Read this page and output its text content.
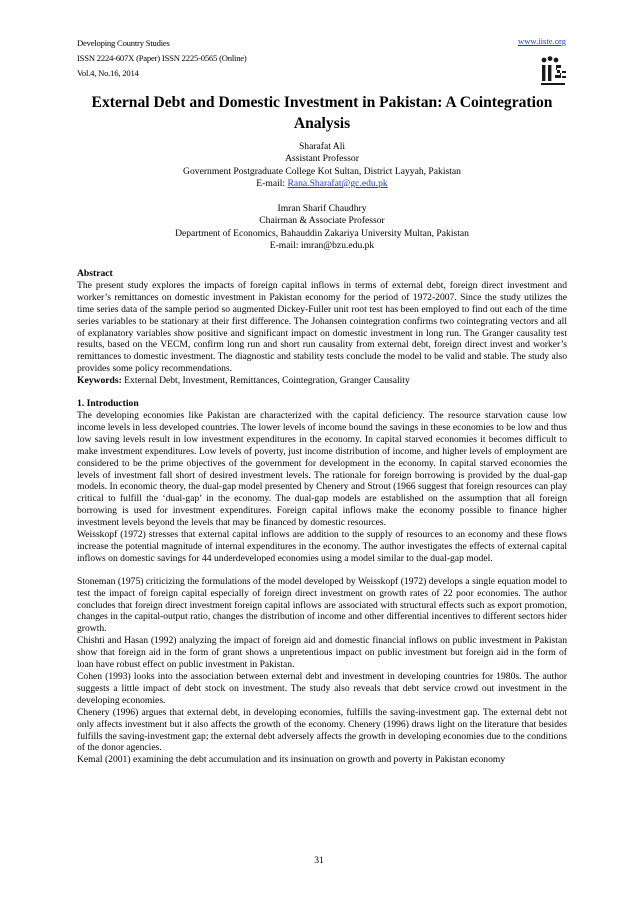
Developing Country Studies
ISSN 2224-607X (Paper) ISSN 2225-0565 (Online)
Vol.4, No.16, 2014
www.iiste.org
External Debt and Domestic Investment in Pakistan: A Cointegration Analysis
Sharafat Ali
Assistant Professor
Government Postgraduate College Kot Sultan, District Layyah, Pakistan
E-mail: Rana.Sharafat@gc.edu.pk
Imran Sharif Chaudhry
Chairman & Associate Professor
Department of Economics, Bahauddin Zakariya University Multan, Pakistan
E-mail: imran@bzu.edu.pk

Abstract

The present study explores the impacts of foreign capital inflows in terms of external debt, foreign direct investment and worker’s remittances on domestic investment in Pakistan economy for the period of 1972-2007. Since the study utilizes the time series data of the sample period so augmented Dickey-Fuller unit root test has been employed to find out each of the time series variables to be stationary at their first difference. The Johansen cointegration confirms two cointegrating vectors and all of explanatory variables show positive and significant impact on domestic investment in long run. The Granger causality test results, based on the VECM, confirm long run and short run causality from external debt, foreign direct invest and worker’s remittances to domestic investment. The diagnostic and stability tests conclude the model to be valid and stable. The study also provides some policy recommendations.

Keywords: External Debt, Investment, Remittances, Cointegration, Granger Causality

1. Introduction

The developing economies like Pakistan are characterized with the capital deficiency. The resource starvation cause low income levels in less developed countries. The lower levels of income bound the savings in these economies to be low and thus low saving levels result in low investment expenditures in the economy. In capital starved economies it becomes difficult to make investment expenditures. Low levels of poverty, just income distribution of income, and higher levels of employment are considered to be the prime objectives of the government for development in the economy. In capital starved economies the levels of investment fall short of desired investment levels. The rationale for foreign borrowing is provided by the dual-gap models. In economic theory, the dual-gap model presented by Chenery and Strout (1966 suggest that foreign resources can play critical to fulfill the ‘dual-gap’ in the economy. The dual-gap models are established on the assumption that all foreign borrowing is used for investment expenditures. Foreign capital inflows make the economy possible to finance higher investment levels beyond the levels that may be financed by domestic resources.

Weisskopf (1972) stresses that external capital inflows are addition to the supply of resources to an economy and these flows increase the potential magnitude of internal expenditures in the economy. The author investigates the effects of external capital inflows on domestic savings for 44 underdeveloped economies using a model similar to the dual-gap model.

Stoneman (1975) criticizing the formulations of the model developed by Weisskopf (1972) develops a single equation model to test the impact of foreign capital especially of foreign direct investment on growth rates of 22 poor economies. The author concludes that foreign direct investment foreign capital inflows are associated with structural effects such as export promotion, changes in the capital-output ratio, changes the distribution of income and other differential incentives to different sectors hider growth.

Chishti and Hasan (1992) analyzing the impact of foreign aid and domestic financial inflows on public investment in Pakistan show that foreign aid in the form of grant shows a unpretentious impact on public investment but foreign aid in the form of loan have robust effect on public investment in Pakistan.

Cohen (1993) looks into the association between external debt and investment in developing countries for 1980s. The author suggests a little impact of debt stock on investment. The study also reveals that debt service crowd out investment in the developing economies.

Chenery (1996) argues that external debt, in developing economies, fulfills the saving-investment gap. The external debt not only affects investment but it also affects the growth of the economy. Chenery (1996) draws light on the literature that besides fulfills the saving-investment gap; the external debt adversely affects the growth in developing economies due to the conditions of the donor agencies.

Kemal (2001) examining the debt accumulation and its insinuation on growth and poverty in Pakistan economy

31
